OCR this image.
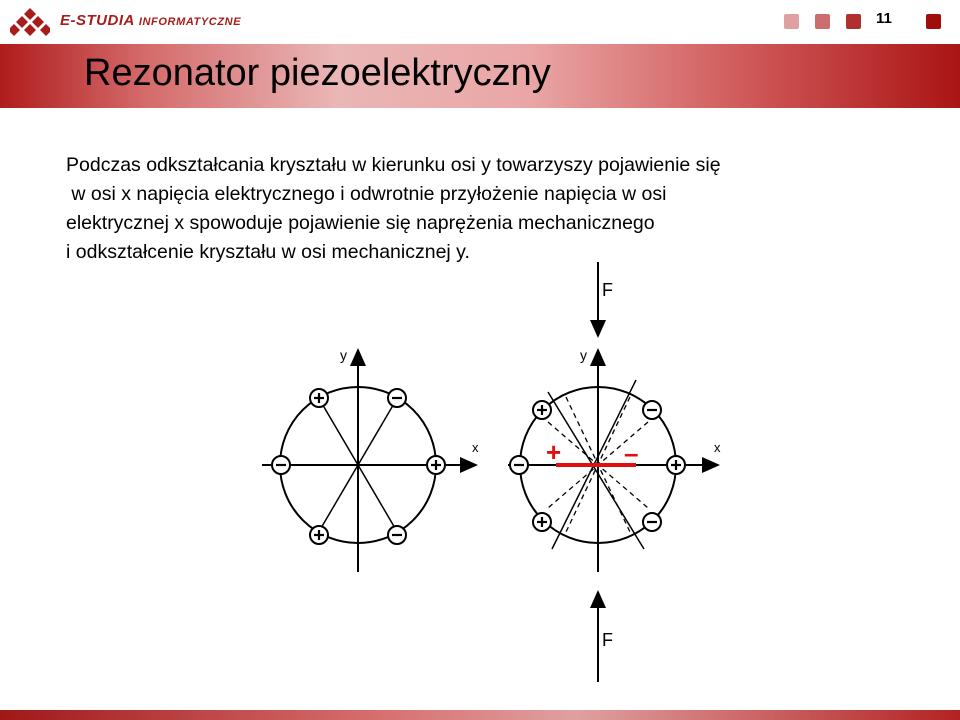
E-STUDIA INFORMATYCZNE	11
Rezonator piezoelektryczny
Podczas odkształcania kryształu w kierunku osi y towarzyszy pojawienie się
w osi x napięcia elektrycznego i odwrotnie przyłożenie napięcia w osi
elektrycznej x spowoduje pojawienie się naprężenia mechanicznego
i odkształcenie kryształu w osi mechanicznej y.
x
y
+ –	x
y
F
F
